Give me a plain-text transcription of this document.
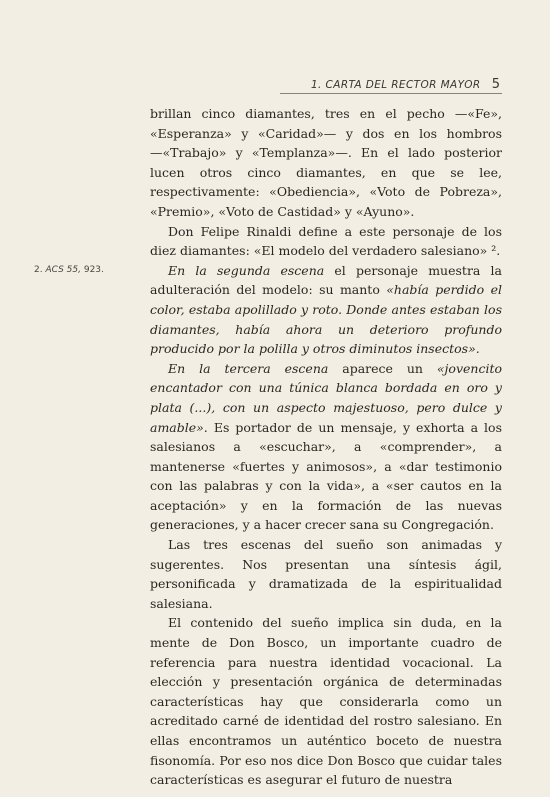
1. CARTA DEL RECTOR MAYOR 5
2. ACS 55, 923.

brillan cinco diamantes, tres en el pecho —«Fe», «Esperanza» y «Caridad»— y dos en los hombros —«Trabajo» y «Templanza»—. En el lado posterior lucen otros cinco diamantes, en que se lee, respectivamente: «Obediencia», «Voto de Pobreza», «Premio», «Voto de Castidad» y «Ayuno».

Don Felipe Rinaldi define a este personaje de los diez diamantes: «El modelo del verdadero salesiano» ².

En la segunda escena el personaje muestra la adulteración del modelo: su manto «había perdido el color, estaba apolillado y roto. Donde antes estaban los diamantes, había ahora un deterioro profundo producido por la polilla y otros diminutos insectos».

En la tercera escena aparece un «jovencito encantador con una túnica blanca bordada en oro y plata (...), con un aspecto majestuoso, pero dulce y amable». Es portador de un mensaje, y exhorta a los salesianos a «escuchar», a «comprender», a mantenerse «fuertes y animosos», a «dar testimonio con las palabras y con la vida», a «ser cautos en la aceptación» y en la formación de las nuevas generaciones, y a hacer crecer sana su Congregación.

Las tres escenas del sueño son animadas y sugerentes. Nos presentan una síntesis ágil, personificada y dramatizada de la espiritualidad salesiana.

El contenido del sueño implica sin duda, en la mente de Don Bosco, un importante cuadro de referencia para nuestra identidad vocacional. La elección y presentación orgánica de determinadas características hay que considerarla como un acreditado carné de identidad del rostro salesiano. En ellas encontramos un auténtico boceto de nuestra fisonomía. Por eso nos dice Don Bosco que cuidar tales características es asegurar el futuro de nuestra
